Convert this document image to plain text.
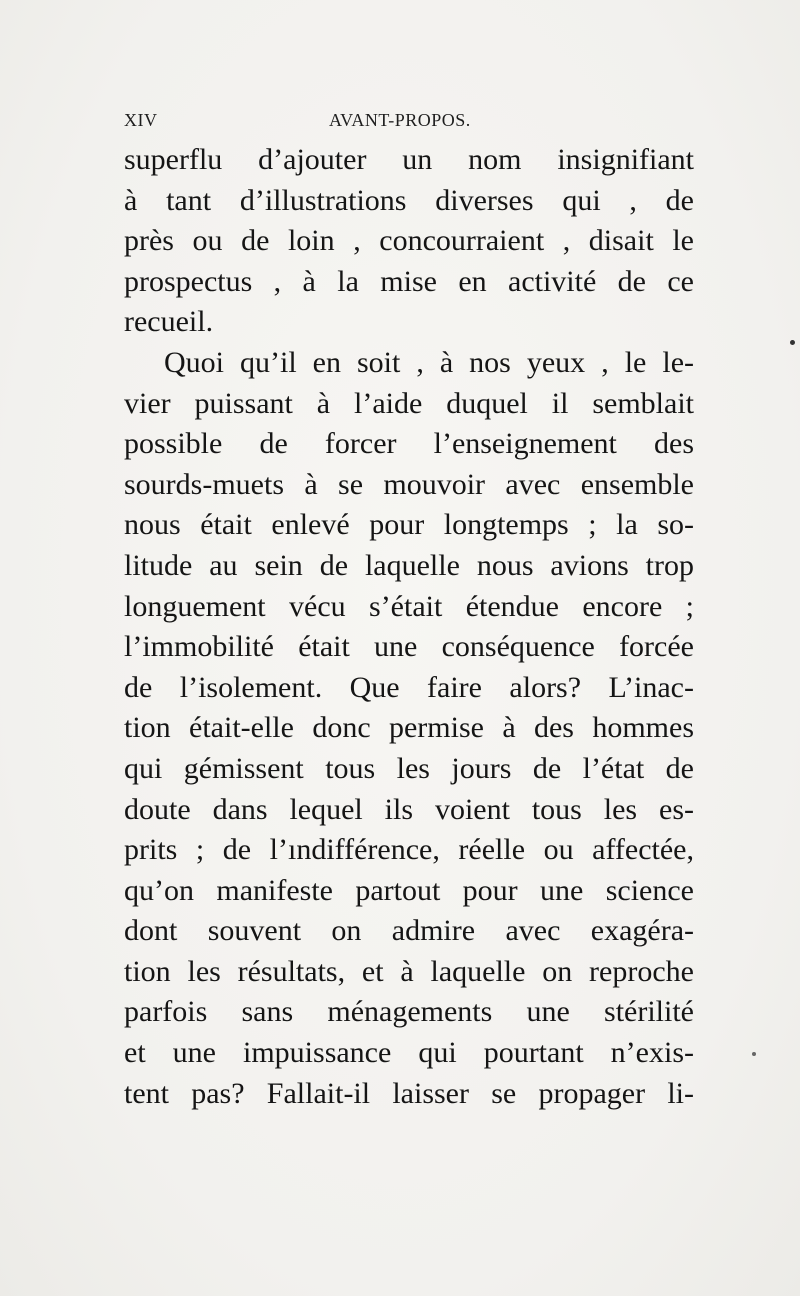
XIV	AVANT-PROPOS.
superflu d’ajouter un nom insignifiant
à tant d’illustrations diverses qui , de
près ou de loin , concourraient , disait le
prospectus , à la mise en activité de ce
recueil.
Quoi qu’il en soit , à nos yeux , le le-
vier puissant à l’aide duquel il semblait
possible de forcer l’enseignement des
sourds-muets à se mouvoir avec ensemble
nous était enlevé pour longtemps ; la so-
litude au sein de laquelle nous avions trop
longuement vécu s’était étendue encore ;
l’immobilité était une conséquence forcée
de l’isolement. Que faire alors? L’inac-
tion était-elle donc permise à des hommes
qui gémissent tous les jours de l’état de
doute dans lequel ils voient tous les es-
prits ; de l’ındifférence, réelle ou affectée,
qu’on manifeste partout pour une science
dont souvent on admire avec exagéra-
tion les résultats, et à laquelle on reproche
parfois sans ménagements une stérilité
et une impuissance qui pourtant n’exis-
tent pas? Fallait-il laisser se propager li-
